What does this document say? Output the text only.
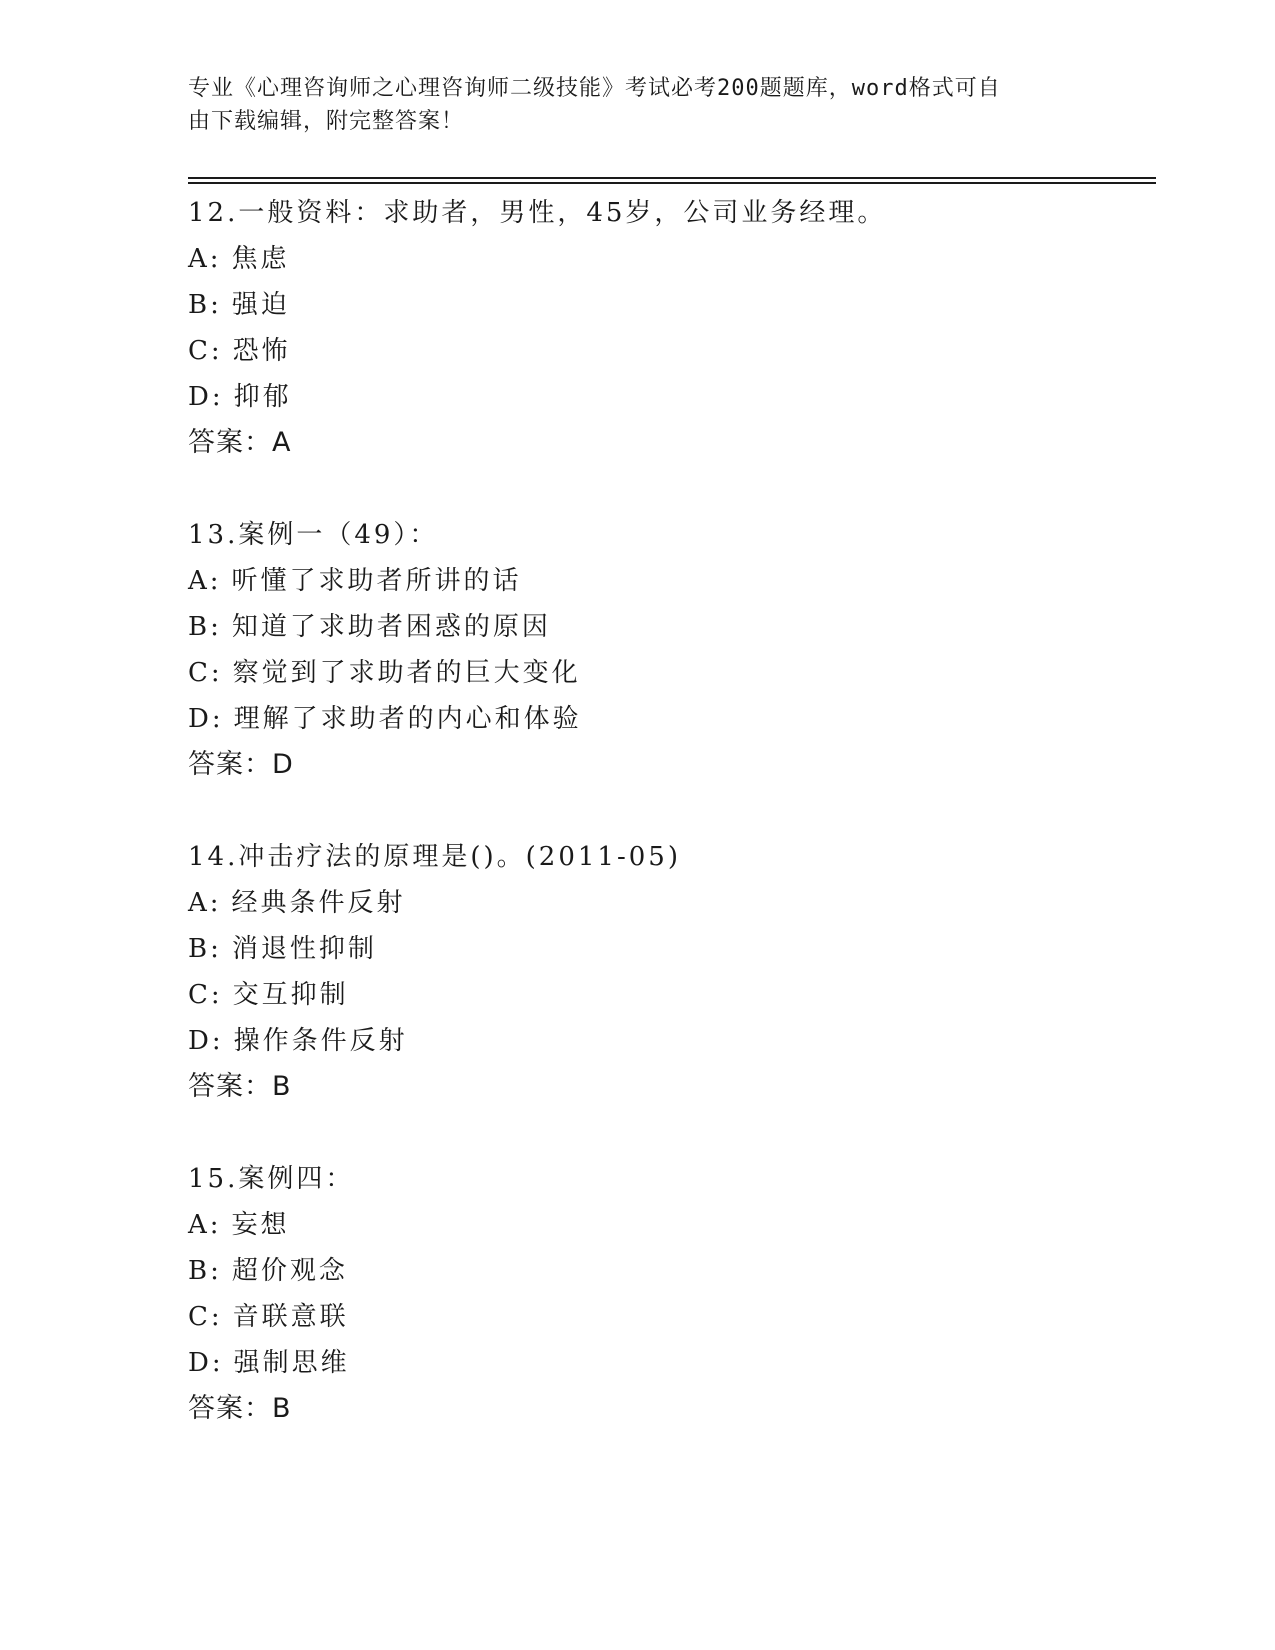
专业《心理咨询师之心理咨询师二级技能》考试必考200题题库，word格式可自
由下载编辑，附完整答案！
12.一般资料：求助者，男性，45岁，公司业务经理。
A: 焦虑
B: 强迫
C: 恐怖
D: 抑郁
答案：A
13.案例一（49）：
A: 听懂了求助者所讲的话
B: 知道了求助者困惑的原因
C: 察觉到了求助者的巨大变化
D: 理解了求助者的内心和体验
答案：D
14.冲击疗法的原理是()。(2011-05)
A: 经典条件反射
B: 消退性抑制
C: 交互抑制
D: 操作条件反射
答案：B
15.案例四：
A: 妄想
B: 超价观念
C: 音联意联
D: 强制思维
答案：B
